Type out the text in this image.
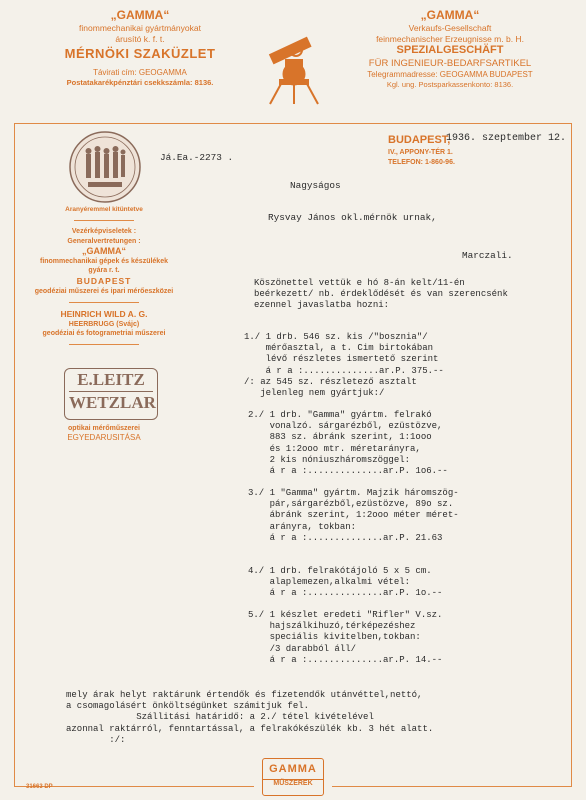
„GAMMA“
finommechanikai gyártmányokat
árusító k. f. t.
MÉRNÖKI SZAKÜZLET
Távirati cím: GEOGAMMA
Postatakarékpénztári csekkszámla: 8136.
„GAMMA“
Verkaufs-Gesellschaft
feinmechanischer Erzeugnisse m. b. H.
SPEZIALGESCHÄFT
FÜR INGENIEUR-BEDARFSARTIKEL
Telegrammadresse: GEOGAMMA BUDAPEST
Kgl. ung. Postsparkassenkonto: 8136.
BUDAPEST,
1936. szeptember 12.
IV., APPONY-TÉR 1.
TELEFON: 1-860-96.
Aranyéremmel kitüntetve
Vezérképviseletek :
Generalvertretungen :
„GAMMA“
finommechanikai gépek és készülékek
gyára r. t.
BUDAPEST
geodéziai műszerei és ipari mérőeszközei
HEINRICH WILD A. G.
HEERBRUGG (Svájc)
geodéziai és fotogrametriai műszerei
E.LEITZ
WETZLAR
optikai mérőműszerei
EGYEDARUSITÁSA
Já.Ea.-2273 .
Nagyságos
Rysvay János okl.mérnök urnak,
Marczali.
Köszönettel vettük e hó 8-án kelt/11-én
beérkezett/ nb. érdeklődését és van szerencsénk
ezennel javaslatba hozni:
1./ 1 drb. 546 sz. kis /"bosznia"/
mérőasztal, a t. Cim birtokában
lévő részletes ismertető szerint
á r a :..............ar.P. 375.--
/: az 545 sz. részletező asztalt
jelenleg nem gyártjuk:/
2./ 1 drb. "Gamma" gyártm. felrakó
vonalzó. sárgarézből, ezüstözve,
883 sz. ábránk szerint, 1:1ooo
és 1:2ooo mtr. méretarányra,
2 kis nóniuszháromszöggel:
á r a :..............ar.P. 1o6.--
3./ 1 "Gamma" gyártm. Majzik háromszög-
pár,sárgarézből,ezüstözve, 89o sz.
ábránk szerint, 1:2ooo méter méret-
arányra, tokban:
á r a :..............ar.P. 21.63
4./ 1 drb. felrakótájoló 5 x 5 cm.
alaplemezen,alkalmi vétel:
á r a :..............ar.P. 1o.--
5./ 1 készlet eredeti "Rifler" V.sz.
hajszálkihuzó,térképezéshez
speciális kivitelben,tokban:
/3 darabból áll/
á r a :..............ar.P. 14.--
mely árak helyt raktárunk értendők és fizetendők utánvéttel,nettó,
a csomagolásért önköltségünket számitjuk fel.
Szállitási határidő: a 2./ tétel kivételével
azonnal raktárról, fenntartással, a felrakókészülék kb. 3 hét alatt.
:/:
31663 DP
GAMMA
MŰSZEREK
